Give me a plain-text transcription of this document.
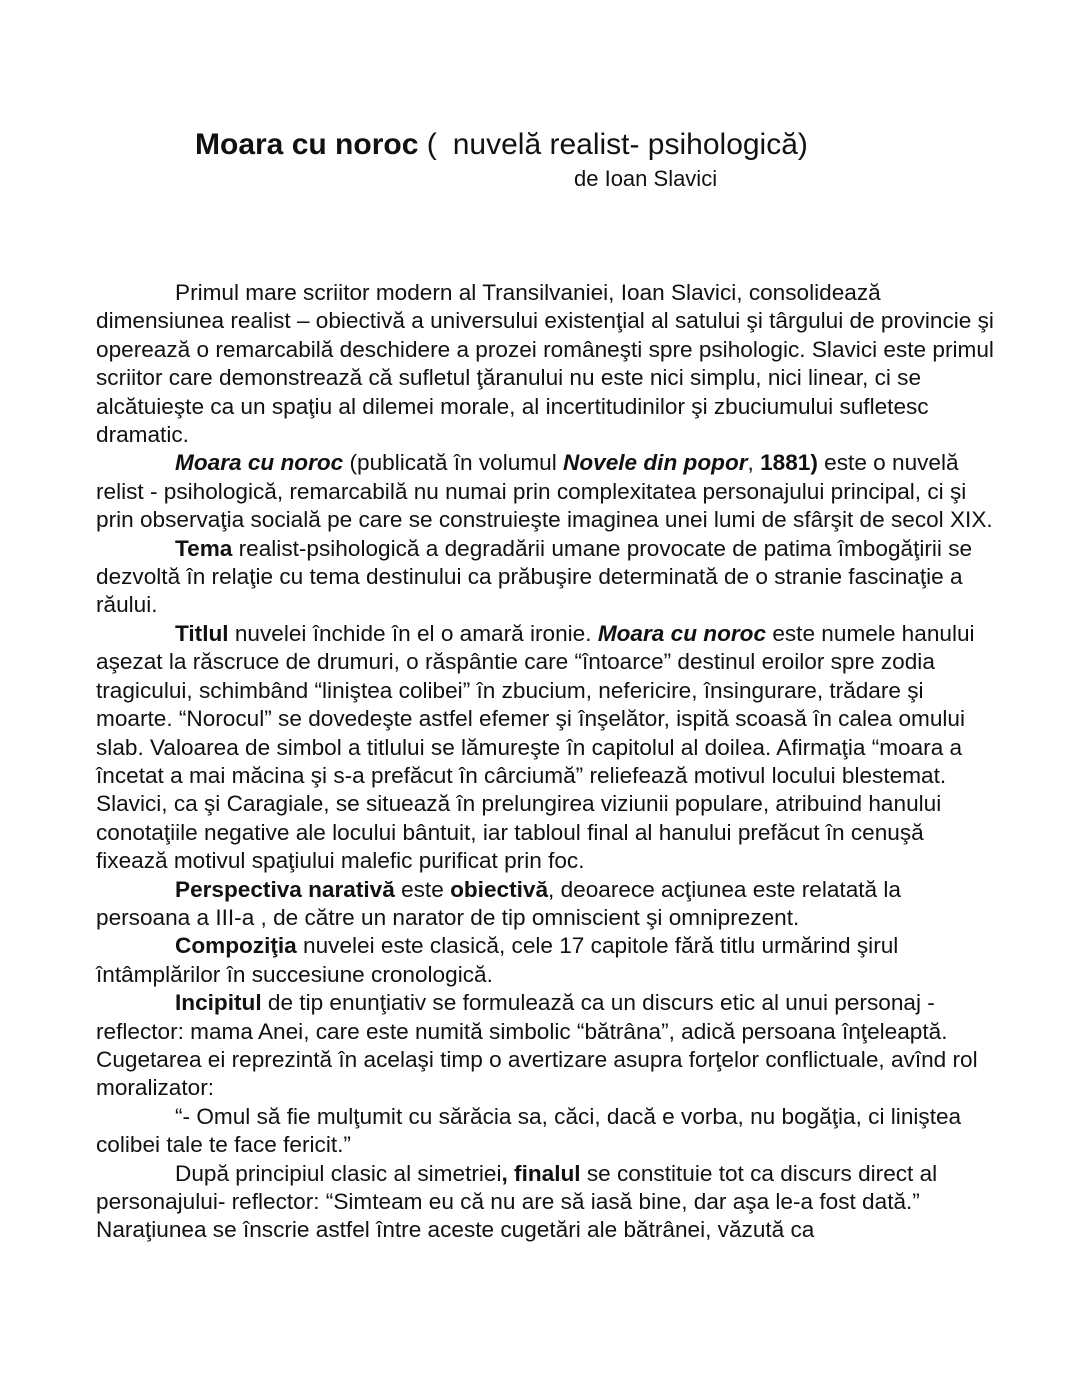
Moara cu noroc ( nuvelă realist- psihologică)
de Ioan Slavici

Primul mare scriitor modern al Transilvaniei, Ioan Slavici, consolidează dimensiunea realist – obiectivă a universului existenţial al satului şi târgului de provincie şi operează o remarcabilă deschidere a prozei româneşti spre psihologic. Slavici este primul scriitor care demonstrează că sufletul ţăranului nu este nici simplu, nici linear, ci se alcătuieşte ca un spaţiu al dilemei morale, al incertitudinilor şi zbuciumului sufletesc dramatic.

Moara cu noroc (publicată în volumul Novele din popor, 1881) este o nuvelă relist - psihologică, remarcabilă nu numai prin complexitatea personajului principal, ci şi prin observaţia socială pe care se construieşte imaginea unei lumi de sfârşit de secol XIX.

Tema realist-psihologică a degradării umane provocate de patima îmbogăţirii se dezvoltă în relaţie cu tema destinului ca prăbuşire determinată de o stranie fascinaţie a răului.

Titlul nuvelei închide în el o amară ironie. Moara cu noroc este numele hanului aşezat la răscruce de drumuri, o răspântie care “întoarce” destinul eroilor spre zodia tragicului, schimbând “liniştea colibei” în zbucium, nefericire, însingurare, trădare şi moarte. “Norocul” se dovedeşte astfel efemer şi înşelător, ispită scoasă în calea omului slab. Valoarea de simbol a titlului se lămureşte în capitolul al doilea. Afirmaţia “moara a încetat a mai măcina şi s-a prefăcut în cârciumă” reliefează motivul locului blestemat. Slavici, ca şi Caragiale, se situează în prelungirea viziunii populare, atribuind hanului conotaţiile negative ale locului bântuit, iar tabloul final al hanului prefăcut în cenuşă fixează motivul spaţiului malefic purificat prin foc.

Perspectiva narativă este obiectivă, deoarece acţiunea este relatată la persoana a III-a , de către un narator de tip omniscient şi omniprezent.

Compoziţia nuvelei este clasică, cele 17 capitole fără titlu urmărind şirul întâmplărilor în succesiune cronologică.

Incipitul de tip enunţiativ se formulează ca un discurs etic al unui personaj -reflector: mama Anei, care este numită simbolic “bătrâna”, adică persoana înţeleaptă. Cugetarea ei reprezintă în acelaşi timp o avertizare asupra forţelor conflictuale, avînd rol moralizator:

“- Omul să fie mulţumit cu sărăcia sa, căci, dacă e vorba, nu bogăţia, ci liniştea colibei tale te face fericit.”

După principiul clasic al simetriei, finalul se constituie tot ca discurs direct al personajului- reflector: “Simteam eu că nu are să iasă bine, dar aşa le-a fost dată.” Naraţiunea se înscrie astfel între aceste cugetări ale bătrânei, văzută ca
